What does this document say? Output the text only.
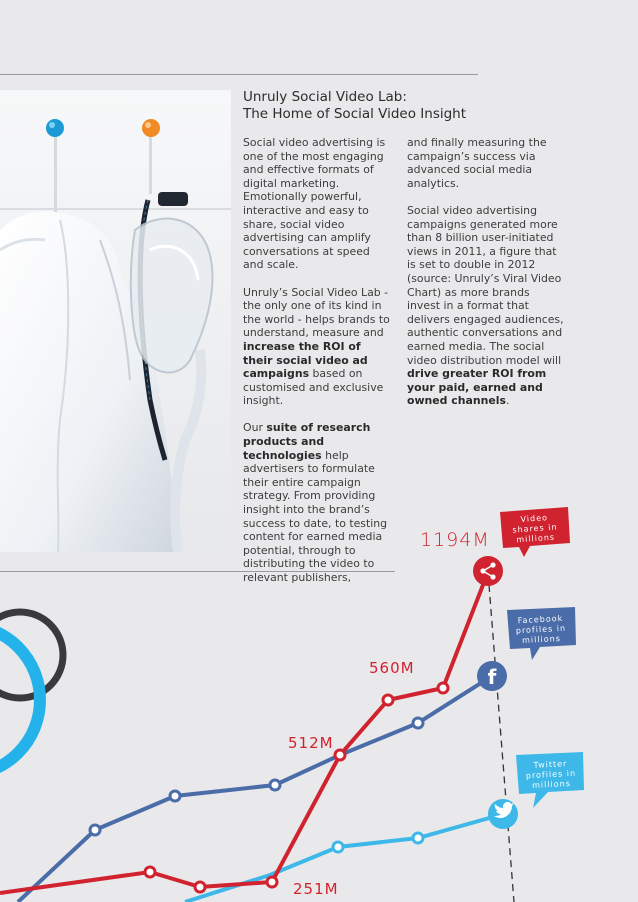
Unruly Social Video Lab:
The Home of Social Video Insight

Social video advertising is one of the most engaging and effective formats of digital marketing. Emotionally powerful, interactive and easy to share, social video advertising can amplify conversations at speed and scale.

Unruly’s Social Video Lab - the only one of its kind in the world - helps brands to understand, measure and increase the ROI of their social video ad campaigns based on customised and exclusive insight.

Our suite of research products and technologies help advertisers to formulate their entire campaign strategy. From providing insight into the brand’s success to date, to testing content for earned media potential, through to distributing the video to relevant publishers,

and finally measuring the campaign’s success via advanced social media analytics.

Social video advertising campaigns generated more than 8 billion user-initiated views in 2011, a figure that is set to double in 2012 (source: Unruly’s Viral Video Chart) as more brands invest in a format that delivers engaged audiences, authentic conversations and earned media. The social video distribution model will drive greater ROI from your paid, earned and owned channels.

1194M
560M
512M
251M
f
Video
shares in
millions
Facebook
profiles in
millions
Twitter
profiles in
millions
